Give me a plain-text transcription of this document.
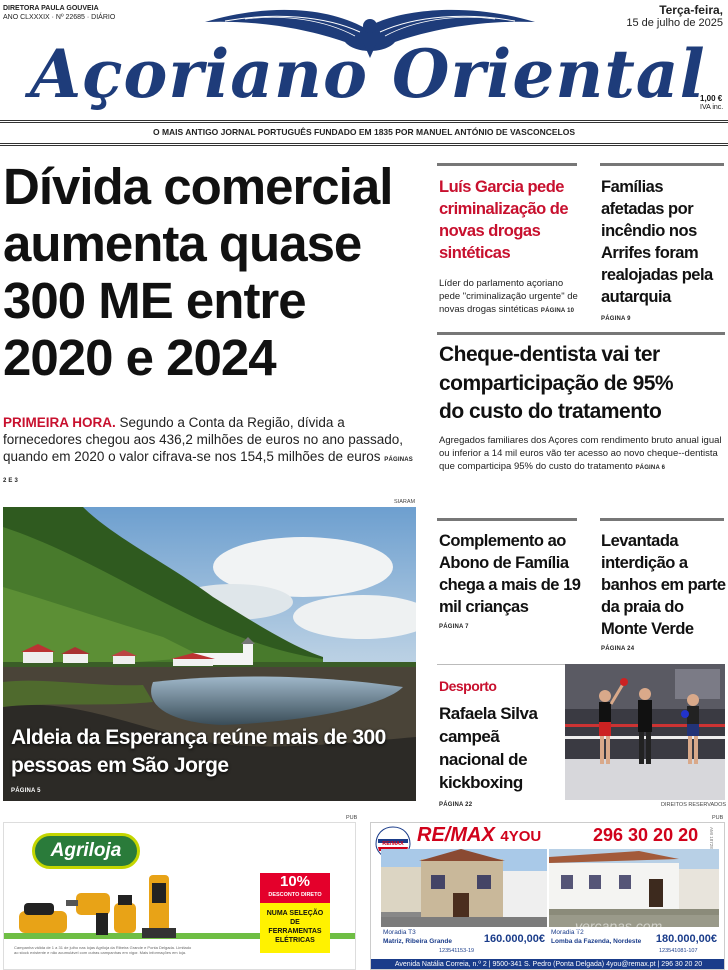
DIRETORA PAULA GOUVEIA
ANO CLXXXIX · Nº 22685 · DIÁRIO
Açoriano Oriental
Terça-feira,
15 de julho de 2025
1,00 €
IVA inc.
O MAIS ANTIGO JORNAL PORTUGUÊS FUNDADO EM 1835 POR MANUEL ANTÓNIO DE VASCONCELOS
Dívida comercial aumenta quase 300 ME entre 2020 e 2024
PRIMEIRA HORA. Segundo a Conta da Região, dívida a fornecedores chegou aos 436,2 milhões de euros no ano passado, quando em 2020 o valor cifrava-se nos 154,5 milhões de euros PÁGINAS 2 E 3
SIARAM
Aldeia da Esperança reúne mais de 300 pessoas em São Jorge
PÁGINA 5
Luís Garcia pede criminalização de novas drogas sintéticas
Líder do parlamento açoriano pede "criminalização urgente" de novas drogas sintéticas PÁGINA 10
Famílias afetadas por incêndio nos Arrifes foram realojadas pela autarquia
PÁGINA 9
Cheque-dentista vai ter comparticipação de 95% do custo do tratamento
Agregados familiares dos Açores com rendimento bruto anual igual ou inferior a 14 mil euros vão ter acesso ao novo cheque--dentista que comparticipa 95% do custo do tratamento PÁGINA 6
Complemento ao Abono de Família chega a mais de 19 mil crianças
PÁGINA 7
Levantada interdição a banhos em parte da praia do Monte Verde
PÁGINA 24
Desporto
Rafaela Silva campeã nacional de kickboxing
PÁGINA 22	DIREITOS RESERVADOS
PUB
Agriloja
10%
DESCONTO DIRETO
NUMA SELEÇÃO DE FERRAMENTAS ELÉTRICAS
Campanha válida de 1 a 31 de julho nas lojas Agriloja da Ribeira Grande e Ponta Delgada. Limitado ao stock existente e não acumulável com outras campanhas em vigor. Mais informações em loja.
PUB
RE/MAX RE/MAX 4YOU	296 30 20 20 AMI 18728
Moradia T3
Matriz, Ribeira Grande
123541153-19
160.000,00€
Moradia T2
Lomba da Fazenda, Nordeste
123541081-107
180.000,00€
Avenida Natália Correia, n.º 2 | 9500-341 S. Pedro (Ponta Delgada) 4you@remax.pt | 296 30 20 20
vercapas.com
